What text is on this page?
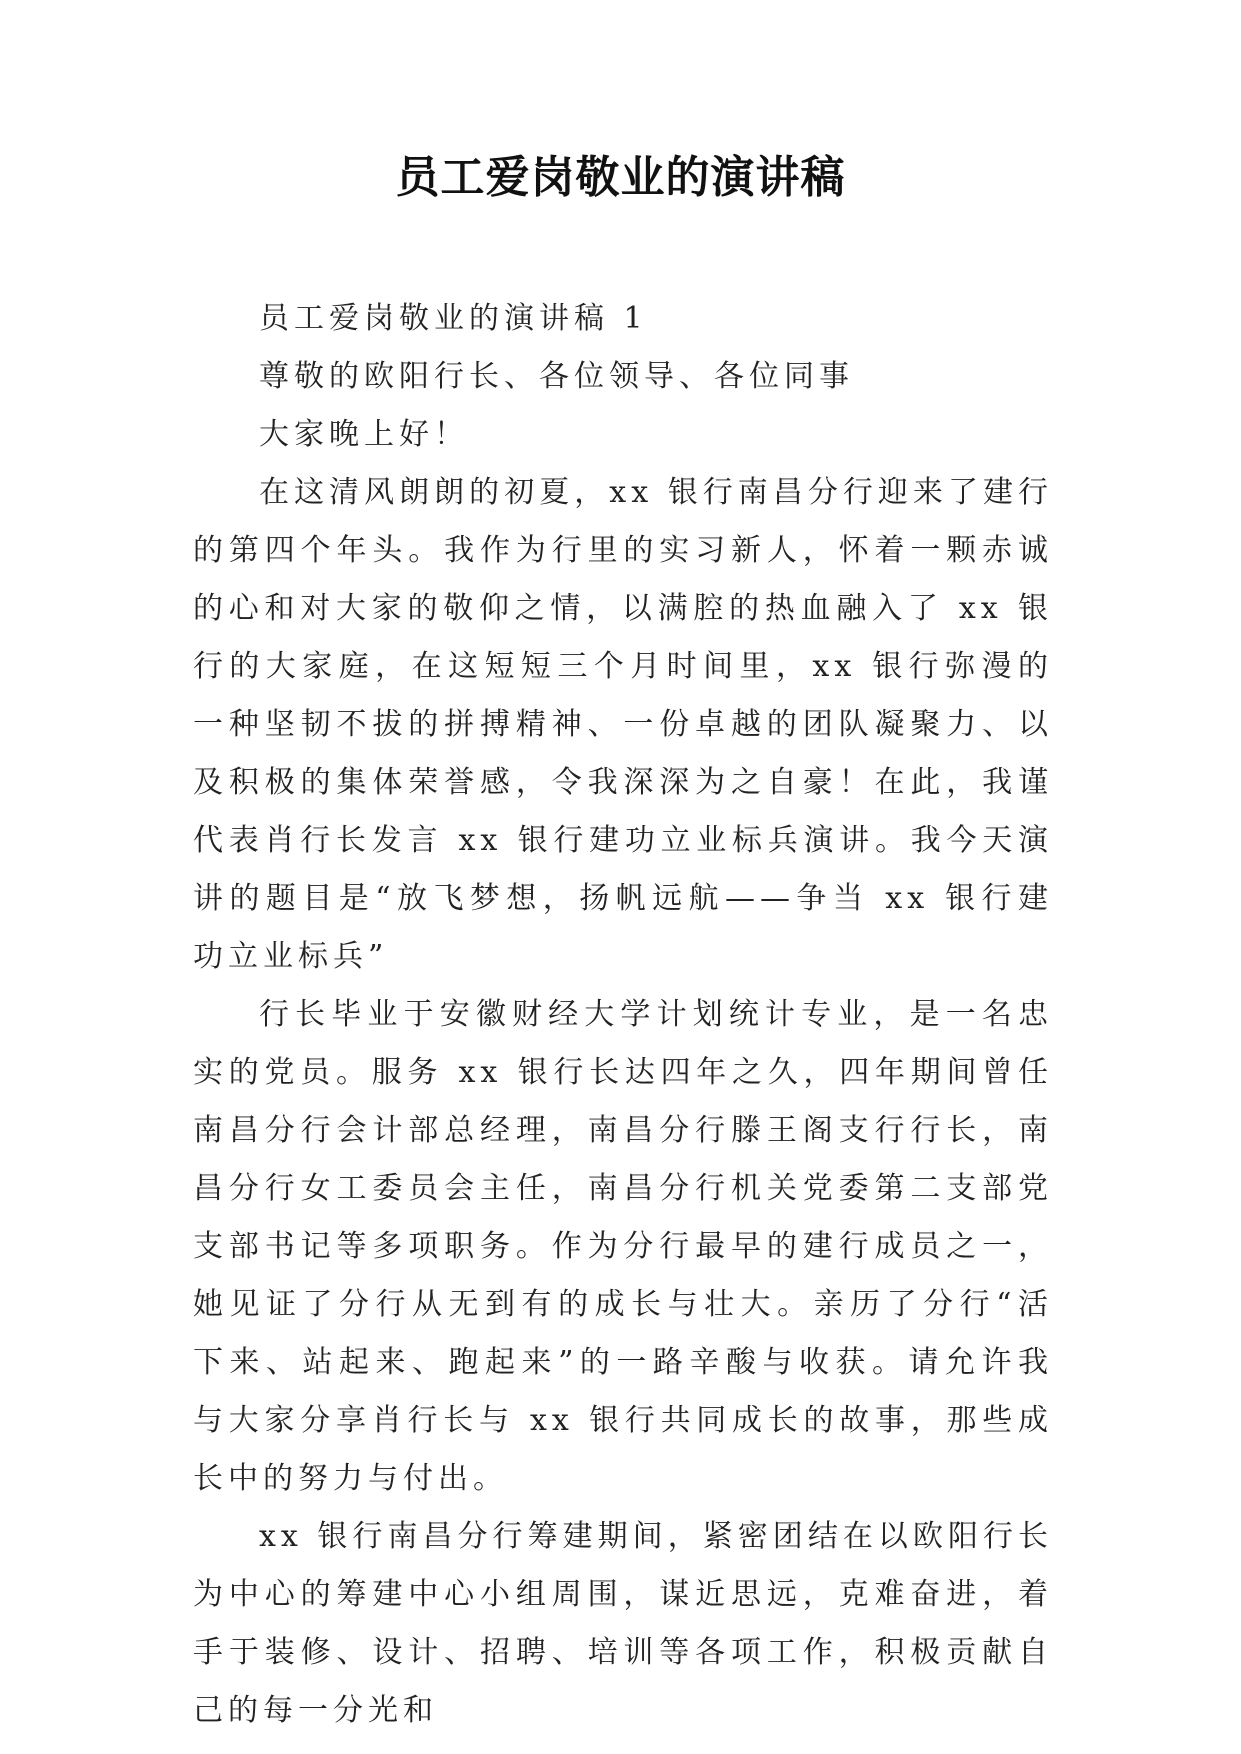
员工爱岗敬业的演讲稿

员工爱岗敬业的演讲稿 1

尊敬的欧阳行长、各位领导、各位同事

大家晚上好！

在这清风朗朗的初夏，xx 银行南昌分行迎来了建行的第四个年头。我作为行里的实习新人，怀着一颗赤诚的心和对大家的敬仰之情，以满腔的热血融入了 xx 银行的大家庭，在这短短三个月时间里，xx 银行弥漫的一种坚韧不拔的拼搏精神、一份卓越的团队凝聚力、以及积极的集体荣誉感，令我深深为之自豪！在此，我谨代表肖行长发言 xx 银行建功立业标兵演讲。我今天演讲的题目是“放飞梦想，扬帆远航——争当 xx 银行建功立业标兵”

行长毕业于安徽财经大学计划统计专业，是一名忠实的党员。服务 xx 银行长达四年之久，四年期间曾任南昌分行会计部总经理，南昌分行滕王阁支行行长，南昌分行女工委员会主任，南昌分行机关党委第二支部党支部书记等多项职务。作为分行最早的建行成员之一，她见证了分行从无到有的成长与壮大。亲历了分行“活下来、站起来、跑起来”的一路辛酸与收获。请允许我与大家分享肖行长与 xx 银行共同成长的故事，那些成长中的努力与付出。

xx 银行南昌分行筹建期间，紧密团结在以欧阳行长为中心的筹建中心小组周围，谋近思远，克难奋进，着手于装修、设计、招聘、培训等各项工作，积极贡献自己的每一分光和
